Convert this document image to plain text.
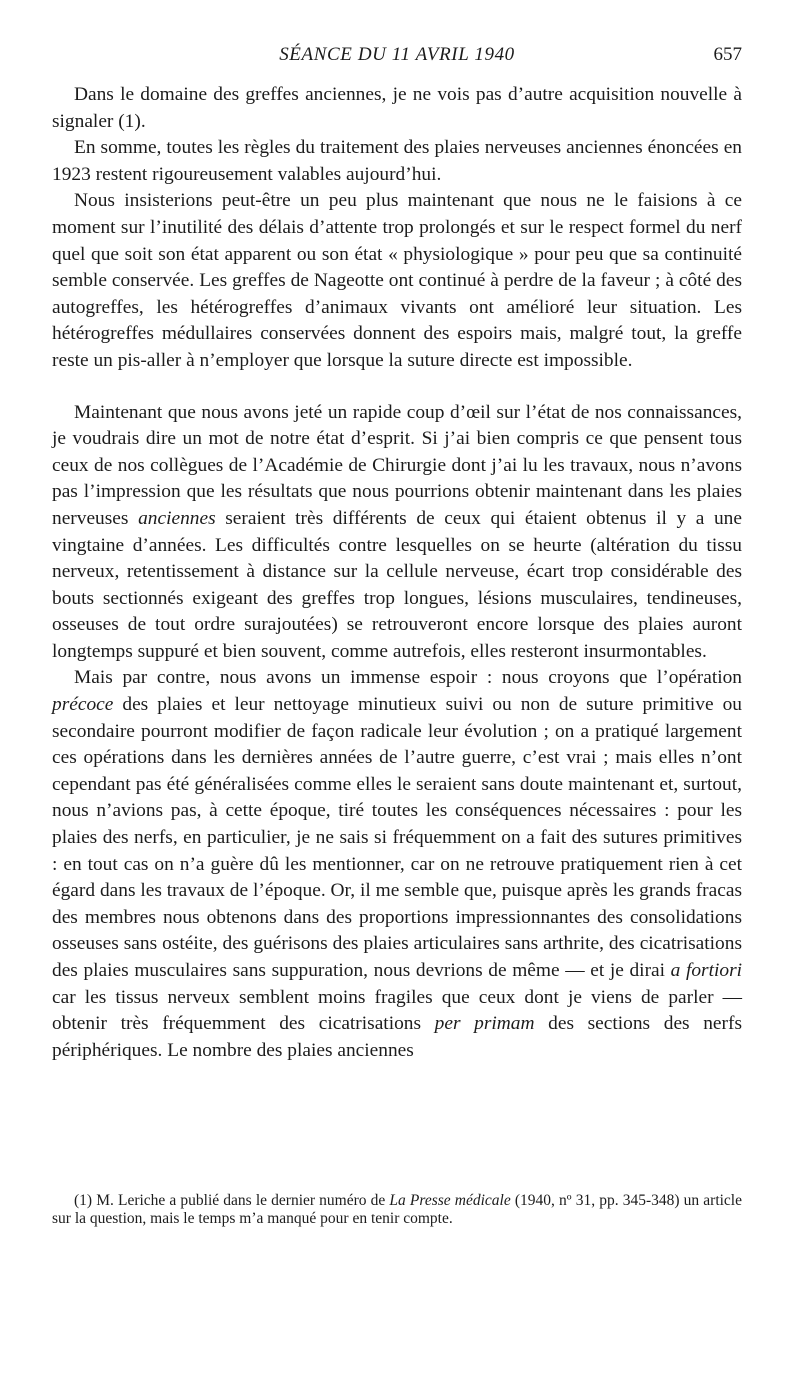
SÉANCE DU 11 AVRIL 1940	657

Dans le domaine des greffes anciennes, je ne vois pas d’autre acquisition nouvelle à signaler (1).

En somme, toutes les règles du traitement des plaies nerveuses anciennes énoncées en 1923 restent rigoureusement valables aujourd’hui.

Nous insisterions peut-être un peu plus maintenant que nous ne le faisions à ce moment sur l’inutilité des délais d’attente trop prolongés et sur le respect formel du nerf quel que soit son état apparent ou son état « physiologique » pour peu que sa continuité semble conservée. Les greffes de Nageotte ont continué à perdre de la faveur ; à côté des autogreffes, les hétérogreffes d’animaux vivants ont amélioré leur situation. Les hétérogreffes médullaires conservées donnent des espoirs mais, malgré tout, la greffe reste un pis-aller à n’employer que lorsque la suture directe est impossible.

Maintenant que nous avons jeté un rapide coup d’œil sur l’état de nos connaissances, je voudrais dire un mot de notre état d’esprit. Si j’ai bien compris ce que pensent tous ceux de nos collègues de l’Académie de Chirurgie dont j’ai lu les travaux, nous n’avons pas l’impression que les résultats que nous pourrions obtenir maintenant dans les plaies nerveuses anciennes seraient très différents de ceux qui étaient obtenus il y a une vingtaine d’années. Les difficultés contre lesquelles on se heurte (altération du tissu nerveux, retentissement à distance sur la cellule nerveuse, écart trop considérable des bouts sectionnés exigeant des greffes trop longues, lésions musculaires, tendineuses, osseuses de tout ordre surajoutées) se retrouveront encore lorsque des plaies auront longtemps suppuré et bien souvent, comme autrefois, elles resteront insurmontables.

Mais par contre, nous avons un immense espoir : nous croyons que l’opération précoce des plaies et leur nettoyage minutieux suivi ou non de suture primitive ou secondaire pourront modifier de façon radicale leur évolution ; on a pratiqué largement ces opérations dans les dernières années de l’autre guerre, c’est vrai ; mais elles n’ont cependant pas été généralisées comme elles le seraient sans doute maintenant et, surtout, nous n’avions pas, à cette époque, tiré toutes les conséquences nécessaires : pour les plaies des nerfs, en particulier, je ne sais si fréquemment on a fait des sutures primitives : en tout cas on n’a guère dû les mentionner, car on ne retrouve pratiquement rien à cet égard dans les travaux de l’époque. Or, il me semble que, puisque après les grands fracas des membres nous obtenons dans des proportions impressionnantes des consolidations osseuses sans ostéite, des guérisons des plaies articulaires sans arthrite, des cicatrisations des plaies musculaires sans suppuration, nous devrions de même — et je dirai a fortiori car les tissus nerveux semblent moins fragiles que ceux dont je viens de parler — obtenir très fréquemment des cicatrisations per primam des sections des nerfs périphériques. Le nombre des plaies anciennes

(1) M. Leriche a publié dans le dernier numéro de La Presse médicale (1940, nº 31, pp. 345-348) un article sur la question, mais le temps m’a manqué pour en tenir compte.
